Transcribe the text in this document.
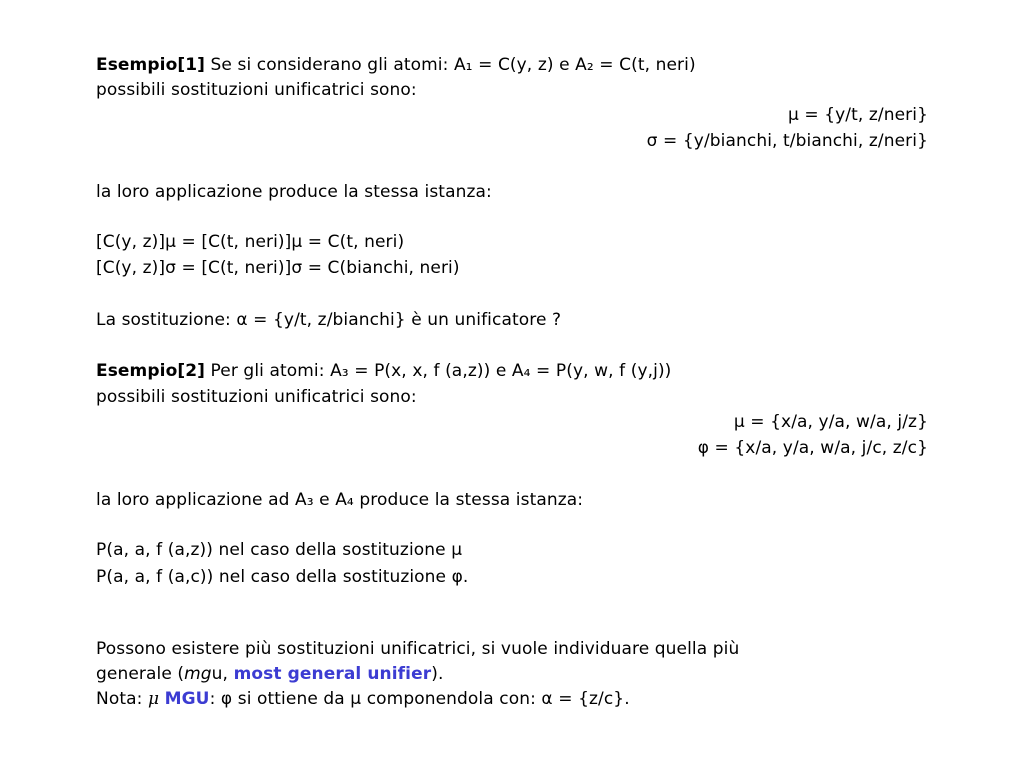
Esempio[1] Se si considerano gli atomi: A₁ = C(y, z) e A₂ = C(t, neri)
possibili sostituzioni unificatrici sono:
μ = {y/t, z/neri}
σ = {y/bianchi, t/bianchi, z/neri}
la loro applicazione produce la stessa istanza:
[C(y, z)]μ = [C(t, neri)]μ = C(t, neri)
[C(y, z)]σ = [C(t, neri)]σ = C(bianchi, neri)
La sostituzione: α = {y/t, z/bianchi} è un unificatore ?
Esempio[2] Per gli atomi: A₃ = P(x, x, f (a,z)) e A₄ = P(y, w, f (y,j))
possibili sostituzioni unificatrici sono:
μ = {x/a, y/a, w/a, j/z}
φ = {x/a, y/a, w/a, j/c, z/c}
la loro applicazione ad A₃ e A₄ produce la stessa istanza:
P(a, a, f (a,z)) nel caso della sostituzione μ
P(a, a, f (a,c)) nel caso della sostituzione φ.
Possono esistere più sostituzioni unificatrici, si vuole individuare quella più
generale (mgu, most general unifier).
Nota: μ MGU: φ si ottiene da μ componendola con: α = {z/c}.
